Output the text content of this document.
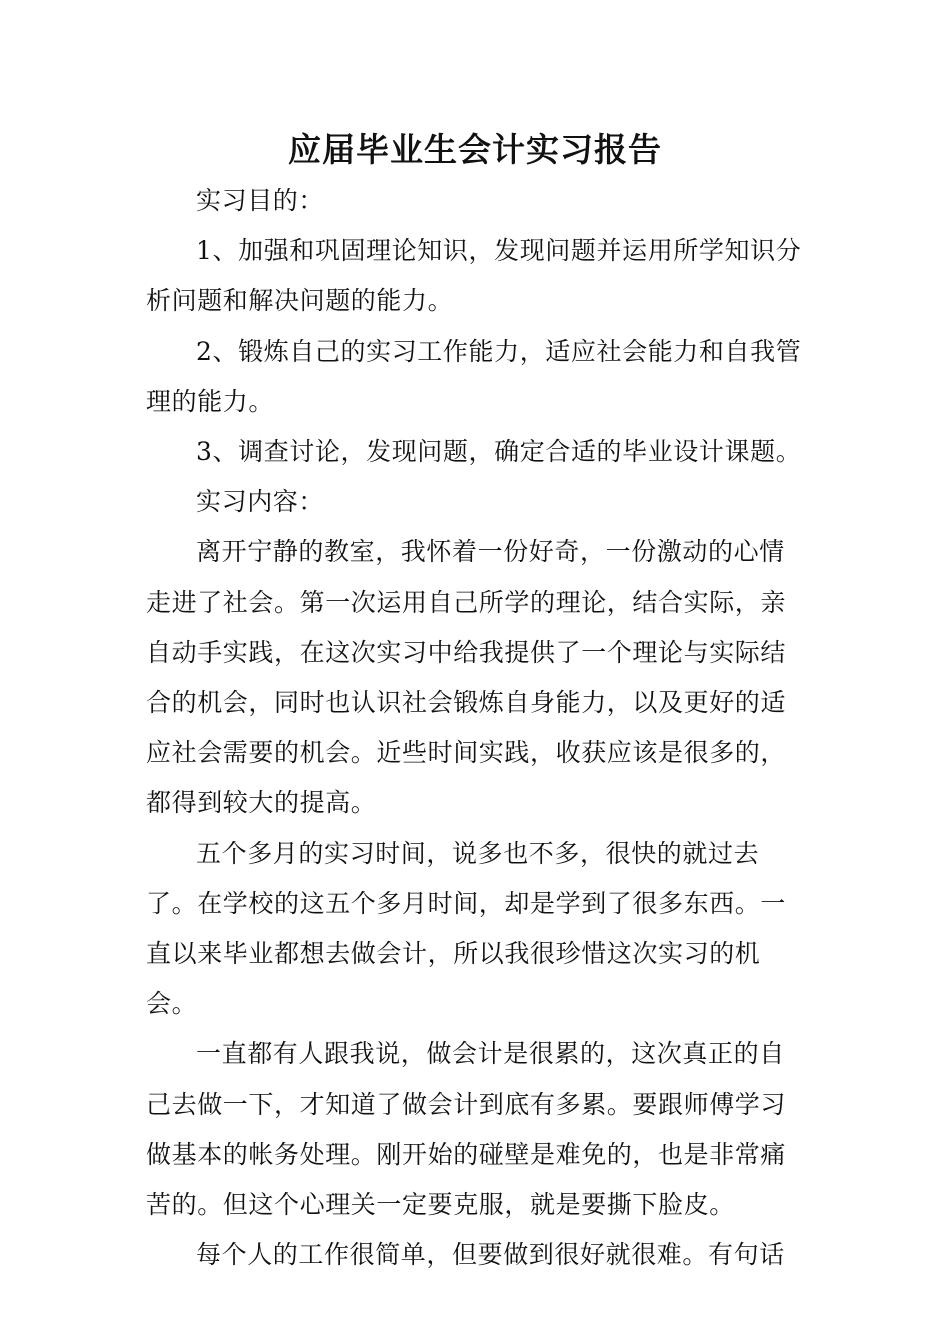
应届毕业生会计实习报告

实习目的：

1、加强和巩固理论知识，发现问题并运用所学知识分析问题和解决问题的能力。

2、锻炼自己的实习工作能力，适应社会能力和自我管理的能力。

3、调查讨论，发现问题，确定合适的毕业设计课题。

实习内容：

离开宁静的教室，我怀着一份好奇，一份激动的心情走进了社会。第一次运用自己所学的理论，结合实际，亲自动手实践，在这次实习中给我提供了一个理论与实际结合的机会，同时也认识社会锻炼自身能力，以及更好的适应社会需要的机会。近些时间实践，收获应该是很多的，都得到较大的提高。

五个多月的实习时间，说多也不多，很快的就过去了。在学校的这五个多月时间，却是学到了很多东西。一直以来毕业都想去做会计，所以我很珍惜这次实习的机会。

一直都有人跟我说，做会计是很累的，这次真正的自己去做一下，才知道了做会计到底有多累。要跟师傅学习做基本的帐务处理。刚开始的碰壁是难免的，也是非常痛苦的。但这个心理关一定要克服，就是要撕下脸皮。

每个人的工作很简单，但要做到很好就很难。有句话
